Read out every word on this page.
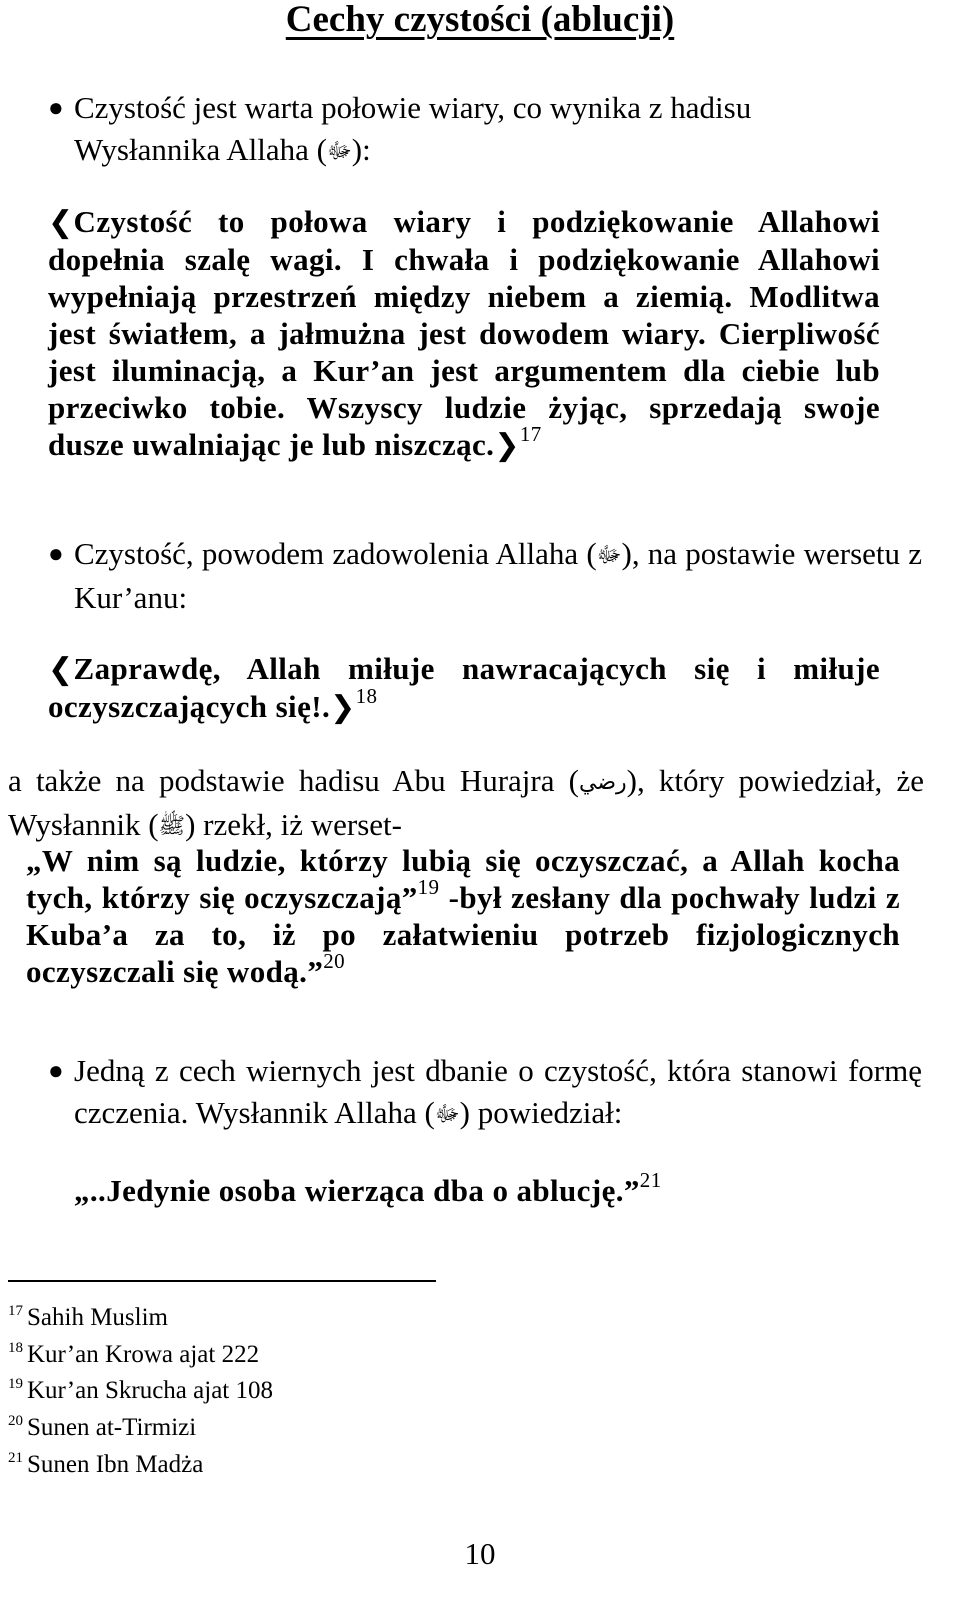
Cechy czystości (ablucji)
● Czystość jest warta połowie wiary, co wynika z hadisu
Wysłannika Allaha (ﷻ):
❮Czystość to połowa wiary i podziękowanie Allahowi dopełnia szalę wagi. I chwała i podziękowanie Allahowi wypełniają przestrzeń między niebem a ziemią. Modlitwa jest światłem, a jałmużna jest dowodem wiary. Cierpliwość jest iluminacją, a Kur’an jest argumentem dla ciebie lub przeciwko tobie. Wszyscy ludzie żyjąc, sprzedają swoje dusze uwalniając je lub niszcząc.❯$^{17}$
● Czystość, powodem zadowolenia Allaha (ﷻ), na postawie wersetu z Kur’anu:
❮Zaprawdę, Allah miłuje nawracających się i miłuje oczyszczających się!.❯$^{18}$
a także na podstawie hadisu Abu Hurajra (رضي), który powiedział, że Wysłannik (ﷺ) rzekł, iż werset-
„W nim są ludzie, którzy lubią się oczyszczać, a Allah kocha tych, którzy się oczyszczają”$^{19}$ -był zesłany dla pochwały ludzi z Kuba’a za to, iż po załatwieniu potrzeb fizjologicznych oczyszczali się wodą.”$^{20}$
● Jedną z cech wiernych jest dbanie o czystość, która stanowi formę czczenia. Wysłannik Allaha (ﷻ) powiedział:
„..Jedynie osoba wierząca dba o ablucję.”$^{21}$
$^{17}$ Sahih Muslim
$^{18}$ Kur’an Krowa ajat 222
$^{19}$ Kur’an Skrucha ajat 108
$^{20}$ Sunen at-Tirmizi
$^{21}$ Sunen Ibn Madża
10
